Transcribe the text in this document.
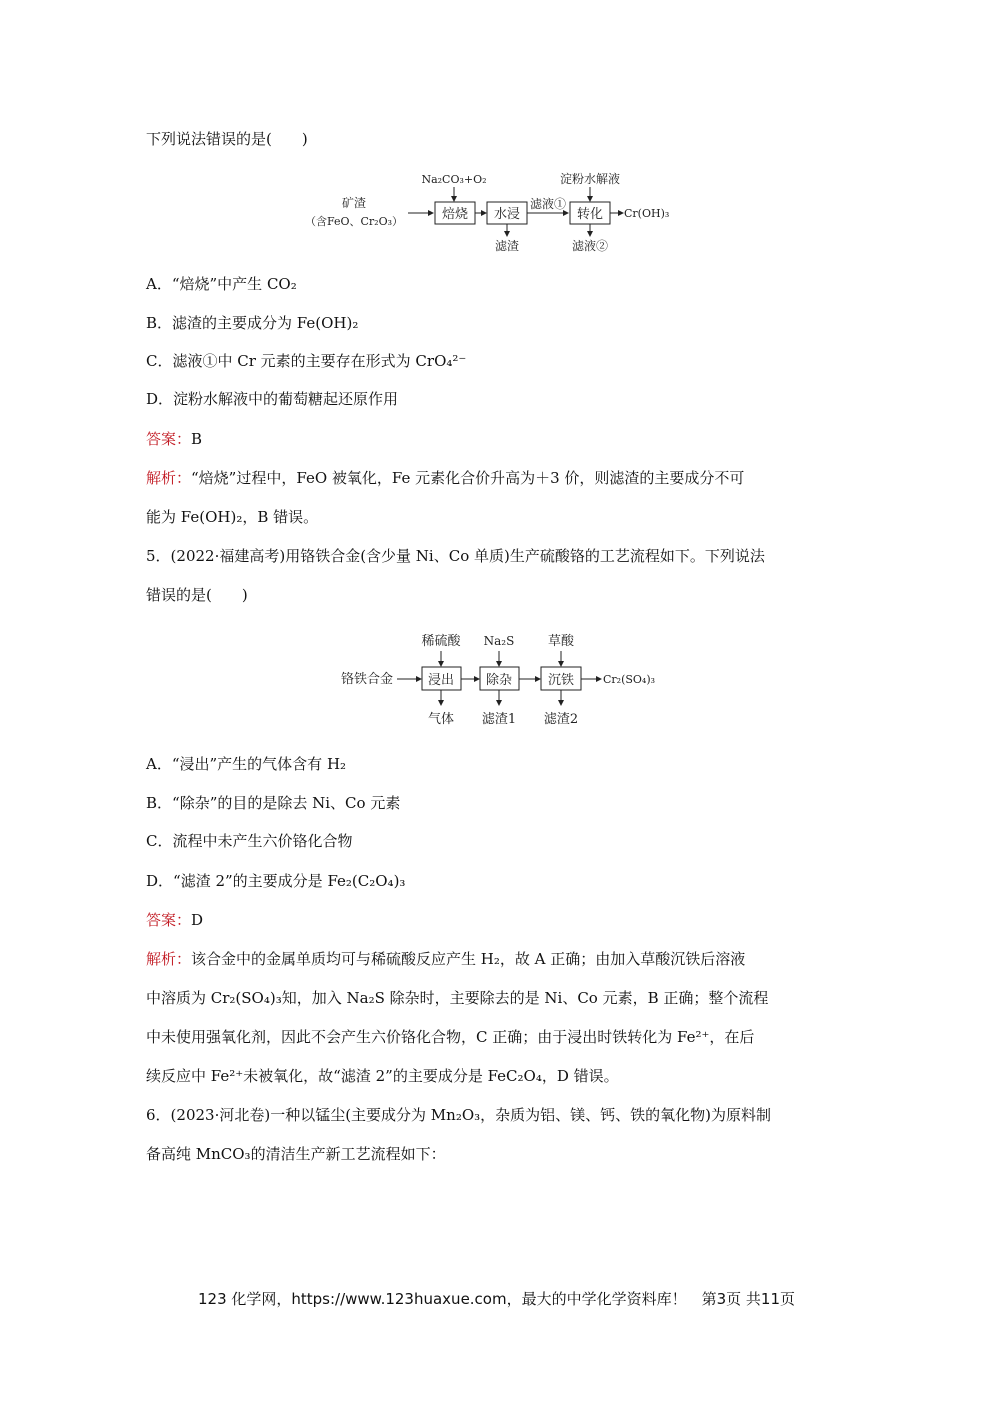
下列说法错误的是(　　)
矿渣
（含FeO、Cr₂O₃）
Na₂CO₃+O₂
焙烧 水浸
滤渣
滤液①
淀粉水解液
转化
滤液②
Cr(OH)₃
A．“焙烧”中产生 CO₂
B．滤渣的主要成分为 Fe(OH)₂
C．滤液①中 Cr 元素的主要存在形式为 CrO₄²⁻
D．淀粉水解液中的葡萄糖起还原作用
答案：B
解析：“焙烧”过程中，FeO 被氧化，Fe 元素化合价升高为＋3 价，则滤渣的主要成分不可
能为 Fe(OH)₂，B 错误。
5．(2022·福建高考)用铬铁合金(含少量 Ni、Co 单质)生产硫酸铬的工艺流程如下。下列说法
错误的是(　　)
铬铁合金
稀硫酸
浸出
气体
Na₂S
除杂
滤渣1
草酸
沉铁
滤渣2
Cr₂(SO₄)₃
A．“浸出”产生的气体含有 H₂
B．“除杂”的目的是除去 Ni、Co 元素
C．流程中未产生六价铬化合物
D．“滤渣 2”的主要成分是 Fe₂(C₂O₄)₃
答案：D
解析：该合金中的金属单质均可与稀硫酸反应产生 H₂，故 A 正确；由加入草酸沉铁后溶液
中溶质为 Cr₂(SO₄)₃知，加入 Na₂S 除杂时，主要除去的是 Ni、Co 元素，B 正确；整个流程
中未使用强氧化剂，因此不会产生六价铬化合物，C 正确；由于浸出时铁转化为 Fe²⁺，在后
续反应中 Fe²⁺未被氧化，故“滤渣 2”的主要成分是 FeC₂O₄，D 错误。
6．(2023·河北卷)一种以锰尘(主要成分为 Mn₂O₃，杂质为铝、镁、钙、铁的氧化物)为原料制
备高纯 MnCO₃的清洁生产新工艺流程如下：
123 化学网，https://www.123huaxue.com，最大的中学化学资料库！　第3页 共11页
